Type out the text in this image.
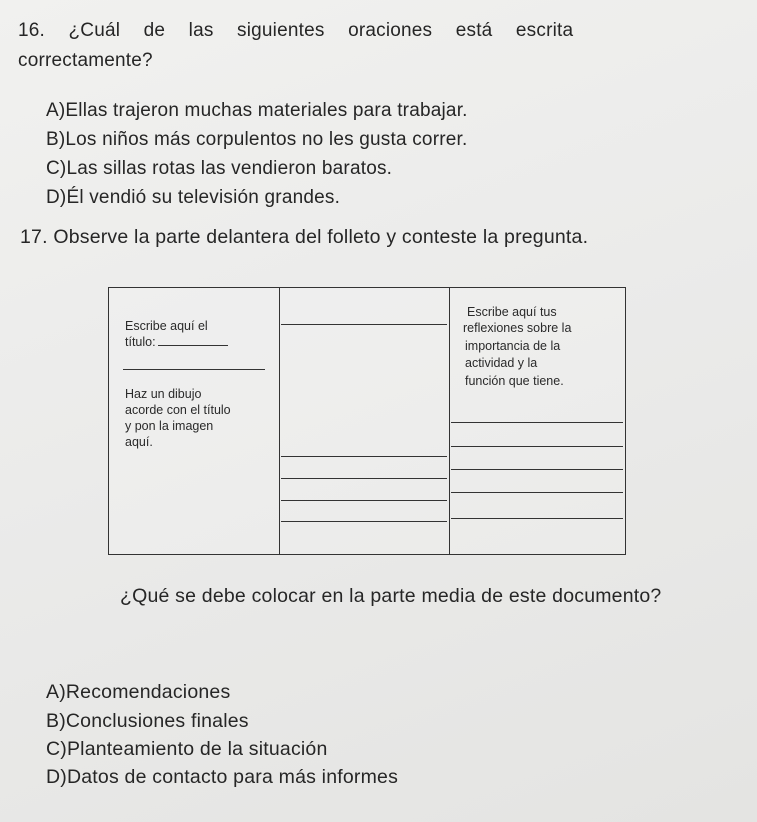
16. ¿Cuál de las siguientes oraciones está escrita
correctamente?
A)Ellas trajeron muchas materiales para trabajar.
B)Los niños más corpulentos no les gusta correr.
C)Las sillas rotas las vendieron baratos.
D)Él vendió su televisión grandes.
17. Observe la parte delantera del folleto y conteste la pregunta.
Escribe aquí el
título:
Haz un dibujo
acorde con el título
y pon la imagen
aquí.
Escribe aquí tus
reflexiones sobre la
importancia de la
actividad y la
función que tiene.
¿Qué se debe colocar en la parte media de este documento?
A)Recomendaciones
B)Conclusiones finales
C)Planteamiento de la situación
D)Datos de contacto para más informes
